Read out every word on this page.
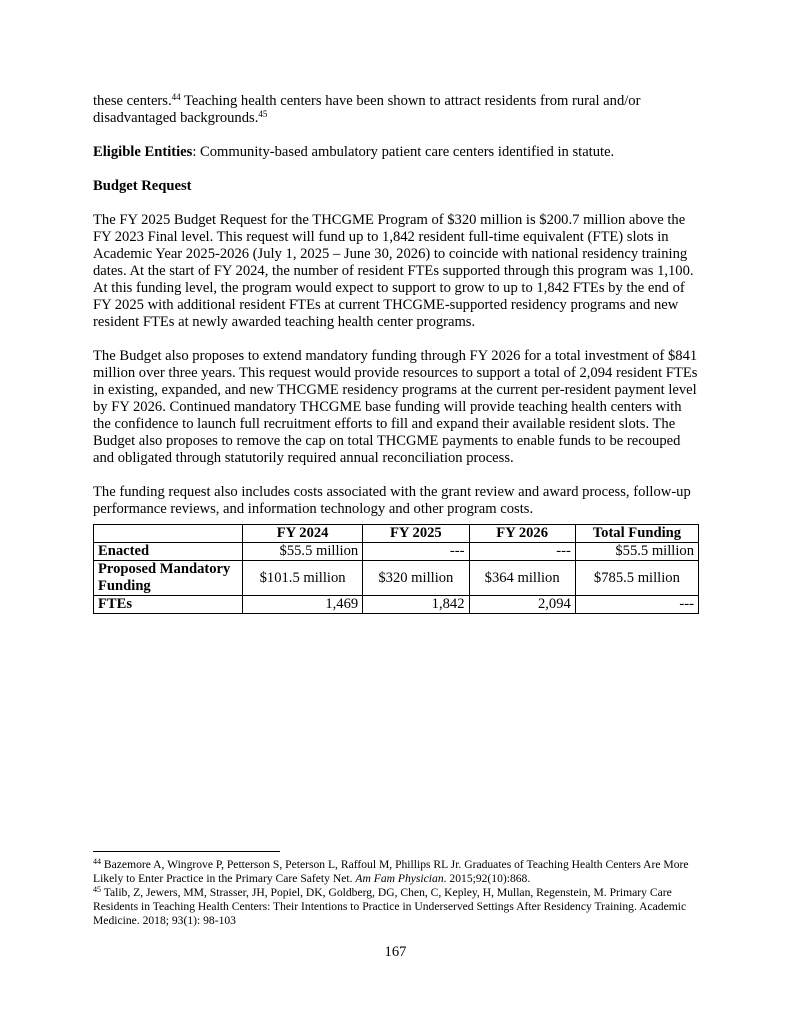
these centers.$^{44}$ Teaching health centers have been shown to attract residents from rural and/or disadvantaged backgrounds.$^{45}$

Eligible Entities: Community-based ambulatory patient care centers identified in statute.

Budget Request

The FY 2025 Budget Request for the THCGME Program of $320 million is $200.7 million above the FY 2023 Final level. This request will fund up to 1,842 resident full-time equivalent (FTE) slots in Academic Year 2025-2026 (July 1, 2025 – June 30, 2026) to coincide with national residency training dates. At the start of FY 2024, the number of resident FTEs supported through this program was 1,100. At this funding level, the program would expect to support to grow to up to 1,842 FTEs by the end of FY 2025 with additional resident FTEs at current THCGME-supported residency programs and new resident FTEs at newly awarded teaching health center programs.

The Budget also proposes to extend mandatory funding through FY 2026 for a total investment of $841 million over three years. This request would provide resources to support a total of 2,094 resident FTEs in existing, expanded, and new THCGME residency programs at the current per-resident payment level by FY 2026. Continued mandatory THCGME base funding will provide teaching health centers with the confidence to launch full recruitment efforts to fill and expand their available resident slots. The Budget also proposes to remove the cap on total THCGME payments to enable funds to be recouped and obligated through statutorily required annual reconciliation process.

The funding request also includes costs associated with the grant review and award process, follow-up performance reviews, and information technology and other program costs.

	FY 2024	FY 2025	FY 2026	Total Funding
Enacted	$55.5 million	---	---	$55.5 million
Proposed Mandatory Funding	$101.5 million	$320 million	$364 million	$785.5 million
FTEs	1,469	1,842	2,094	---

$^{44}$ Bazemore A, Wingrove P, Petterson S, Peterson L, Raffoul M, Phillips RL Jr. Graduates of Teaching Health Centers Are More Likely to Enter Practice in the Primary Care Safety Net. Am Fam Physician. 2015;92(10):868.

$^{45}$ Talib, Z, Jewers, MM, Strasser, JH, Popiel, DK, Goldberg, DG, Chen, C, Kepley, H, Mullan, Regenstein, M. Primary Care Residents in Teaching Health Centers: Their Intentions to Practice in Underserved Settings After Residency Training. Academic Medicine. 2018; 93(1): 98-103

167
